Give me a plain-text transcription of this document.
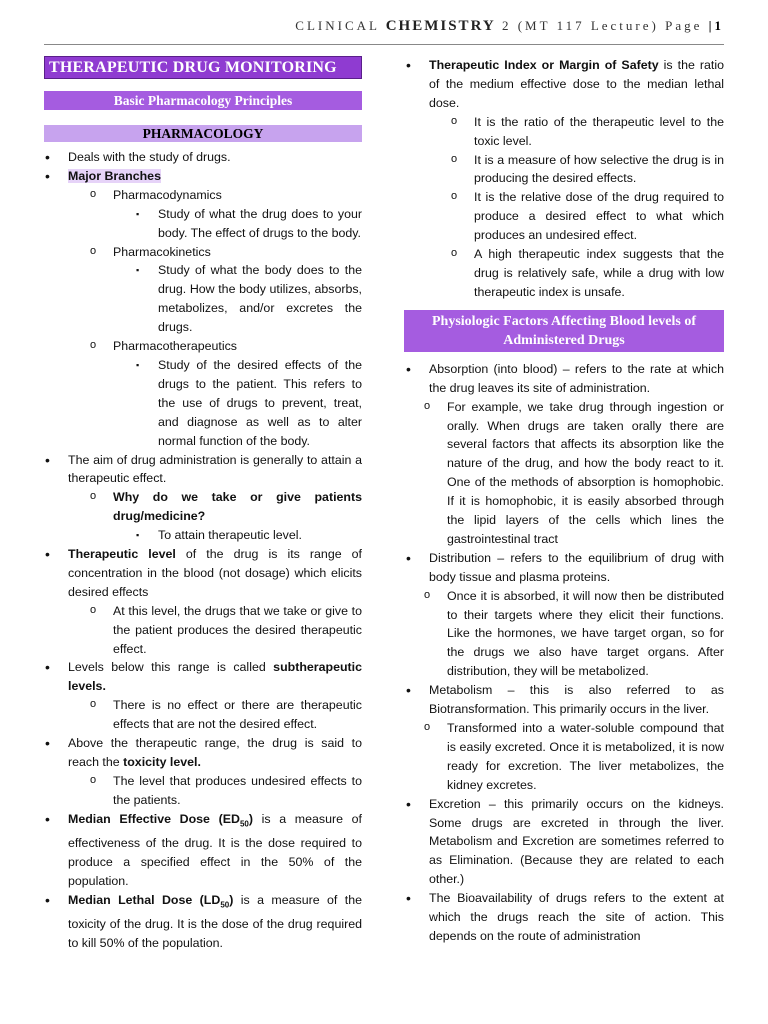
CLINICAL CHEMISTRY 2 (MT 117 Lecture) Page |1
THERAPEUTIC DRUG MONITORING
Basic Pharmacology Principles
PHARMACOLOGY
• Deals with the study of drugs.
• Major Branches
o Pharmacodynamics
▪ Study of what the drug does to your body. The effect of drugs to the body.
o Pharmacokinetics
▪ Study of what the body does to the drug. How the body utilizes, absorbs, metabolizes, and/or excretes the drugs.
o Pharmacotherapeutics
▪ Study of the desired effects of the drugs to the patient. This refers to the use of drugs to prevent, treat, and diagnose as well as to alter normal function of the body.
• The aim of drug administration is generally to attain a therapeutic effect.
o Why do we take or give patients drug/medicine?
▪ To attain therapeutic level.
• Therapeutic level of the drug is its range of concentration in the blood (not dosage) which elicits desired effects
o At this level, the drugs that we take or give to the patient produces the desired therapeutic effect.
• Levels below this range is called subtherapeutic levels.
o There is no effect or there are therapeutic effects that are not the desired effect.
• Above the therapeutic range, the drug is said to reach the toxicity level.
o The level that produces undesired effects to the patients.
• Median Effective Dose $(ED_{50})$ is a measure of effectiveness of the drug. It is the dose required to produce a specified effect in the 50% of the population.
• Median Lethal Dose $(LD_{50})$ is a measure of the toxicity of the drug. It is the dose of the drug required to kill 50% of the population.
• Therapeutic Index or Margin of Safety is the ratio of the medium effective dose to the median lethal dose.
o It is the ratio of the therapeutic level to the toxic level.
o It is a measure of how selective the drug is in producing the desired effects.
o It is the relative dose of the drug required to produce a desired effect to what which produces an undesired effect.
o A high therapeutic index suggests that the drug is relatively safe, while a drug with low therapeutic index is unsafe.
Physiologic Factors Affecting Blood levels of Administered Drugs
• Absorption (into blood) – refers to the rate at which the drug leaves its site of administration.
o For example, we take drug through ingestion or orally. When drugs are taken orally there are several factors that affects its absorption like the nature of the drug, and how the body react to it. One of the methods of absorption is homophobic. If it is homophobic, it is easily absorbed through the lipid layers of the cells which lines the gastrointestinal tract
• Distribution – refers to the equilibrium of drug with body tissue and plasma proteins.
o Once it is absorbed, it will now then be distributed to their targets where they elicit their functions. Like the hormones, we have target organ, so for the drugs we also have target organs. After distribution, they will be metabolized.
• Metabolism – this is also referred to as Biotransformation. This primarily occurs in the liver.
o Transformed into a water-soluble compound that is easily excreted. Once it is metabolized, it is now ready for excretion. The liver metabolizes, the kidney excretes.
• Excretion – this primarily occurs on the kidneys. Some drugs are excreted in through the liver. Metabolism and Excretion are sometimes referred to as Elimination. (Because they are related to each other.)
• The Bioavailability of drugs refers to the extent at which the drugs reach the site of action. This depends on the route of administration
